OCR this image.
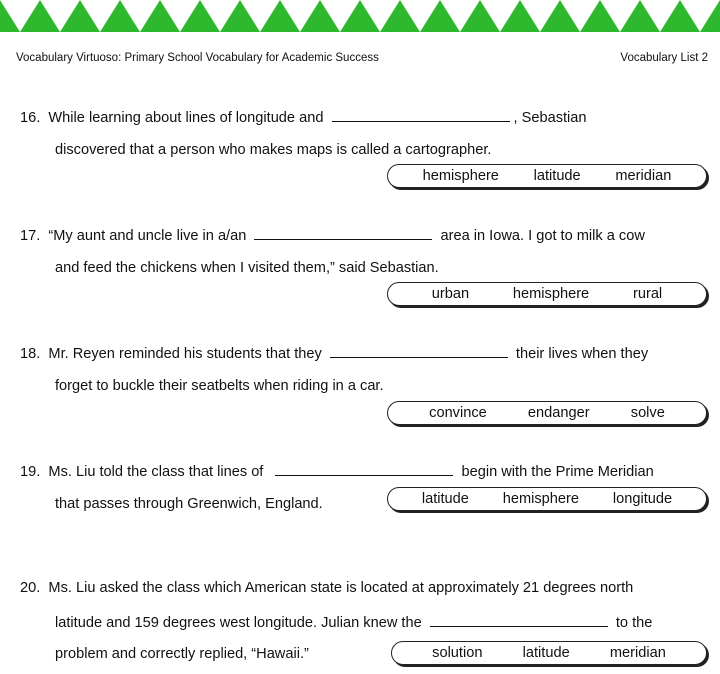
Vocabulary Virtuoso: Primary School Vocabulary for Academic Success	Vocabulary List 2
16. While learning about lines of longitude and	, Sebastian
discovered that a person who makes maps is called a cartographer.
hemisphere latitude meridian
17. “My aunt and uncle live in a/an	area in Iowa. I got to milk a cow
and feed the chickens when I visited them,” said Sebastian.
urban	hemisphere	rural
18. Mr. Reyen reminded his students that they	their lives when they
forget to buckle their seatbelts when riding in a car.
convince	endanger	solve
19. Ms. Liu told the class that lines of	begin with the Prime Meridian
that passes through Greenwich, England.	latitude hemisphere longitude
20. Ms. Liu asked the class which American state is located at approximately 21 degrees north
latitude and 159 degrees west longitude. Julian knew the	to the
problem and correctly replied, “Hawaii.”	solution	latitude	meridian
